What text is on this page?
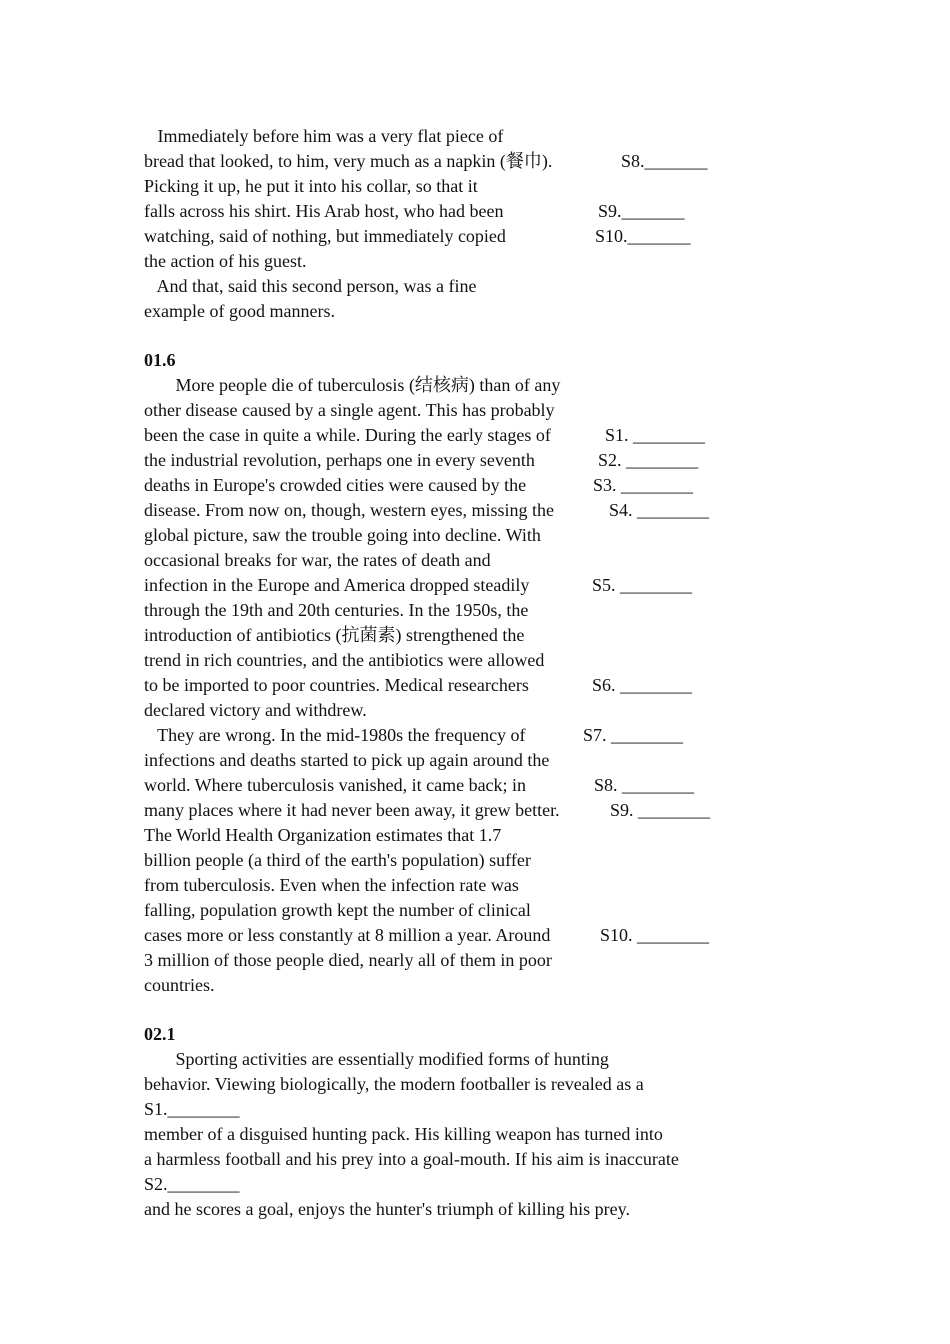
Immediately before him was a very flat piece of
bread that looked, to him, very much as a napkin (餐巾).	S8._______
Picking it up, he put it into his collar, so that it
falls across his shirt. His Arab host, who had been	S9._______
watching, said of nothing, but immediately copied	S10._______
the action of his guest.
And that, said this second person, was a fine
example of good manners.
01.6
More people die of tuberculosis (结核病) than of any
other disease caused by a single agent. This has probably
been the case in quite a while. During the early stages of	S1. ________
the industrial revolution, perhaps one in every seventh	S2. ________
deaths in Europe's crowded cities were caused by the	S3. ________
disease. From now on, though, western eyes, missing the	S4. ________
global picture, saw the trouble going into decline. With
occasional breaks for war, the rates of death and
infection in the Europe and America dropped steadily	S5. ________
through the 19th and 20th centuries. In the 1950s, the
introduction of antibiotics (抗菌素) strengthened the
trend in rich countries, and the antibiotics were allowed
to be imported to poor countries. Medical researchers	S6. ________
declared victory and withdrew.
They are wrong. In the mid-1980s the frequency of	S7. ________
infections and deaths started to pick up again around the
world. Where tuberculosis vanished, it came back; in	S8. ________
many places where it had never been away, it grew better.	S9. ________
The World Health Organization estimates that 1.7
billion people (a third of the earth's population) suffer
from tuberculosis. Even when the infection rate was
falling, population growth kept the number of clinical
cases more or less constantly at 8 million a year. Around	S10. ________
3 million of those people died, nearly all of them in poor
countries.
02.1
Sporting activities are essentially modified forms of hunting
behavior. Viewing biologically, the modern footballer is revealed as a
S1.________
member of a disguised hunting pack. His killing weapon has turned into
a harmless football and his prey into a goal-mouth. If his aim is inaccurate
S2.________
and he scores a goal, enjoys the hunter's triumph of killing his prey.
